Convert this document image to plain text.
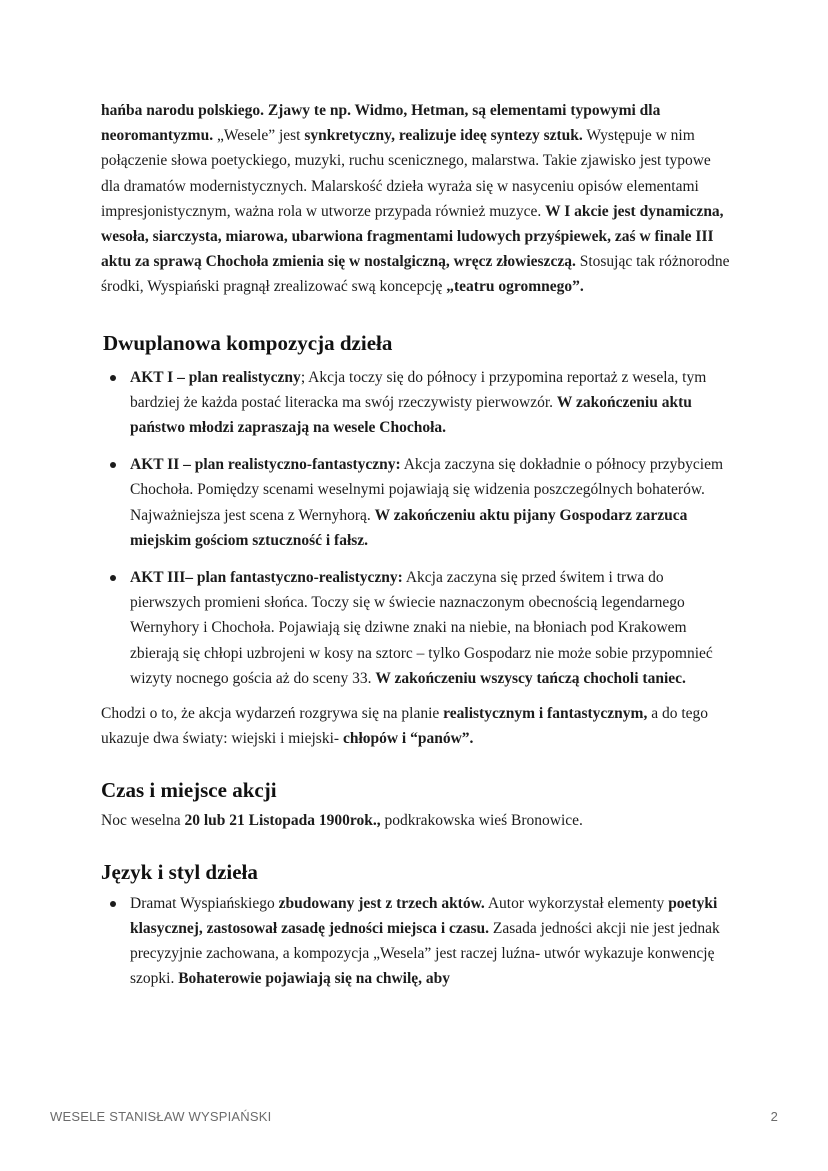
hańba narodu polskiego. Zjawy te np. Widmo, Hetman, są elementami typowymi dla neoromantyzmu. „Wesele” jest synkretyczny, realizuje ideę syntezy sztuk. Występuje w nim połączenie słowa poetyckiego, muzyki, ruchu scenicznego, malarstwa. Takie zjawisko jest typowe dla dramatów modernistycznych. Malarskość dzieła wyraża się w nasyceniu opisów elementami impresjonistycznym, ważna rola w utworze przypada również muzyce. W I akcie jest dynamiczna, wesoła, siarczysta, miarowa, ubarwiona fragmentami ludowych przyśpiewek, zaś w finale III aktu za sprawą Chochoła zmienia się w nostalgiczną, wręcz złowieszczą. Stosując tak różnorodne środki, Wyspiański pragnął zrealizować swą koncepcję „teatru ogromnego”.

Dwuplanowa kompozycja dzieła
AKT I – plan realistyczny; Akcja toczy się do północy i przypomina reportaż z wesela, tym bardziej że każda postać literacka ma swój rzeczywisty pierwowzór. W zakończeniu aktu państwo młodzi zapraszają na wesele Chochoła.
AKT II – plan realistyczno-fantastyczny: Akcja zaczyna się dokładnie o północy przybyciem Chochoła. Pomiędzy scenami weselnymi pojawiają się widzenia poszczególnych bohaterów. Najważniejsza jest scena z Wernyhorą. W zakończeniu aktu pijany Gospodarz zarzuca miejskim gościom sztuczność i fałsz.
AKT III– plan fantastyczno-realistyczny: Akcja zaczyna się przed świtem i trwa do pierwszych promieni słońca. Toczy się w świecie naznaczonym obecnością legendarnego Wernyhory i Chochoła. Pojawiają się dziwne znaki na niebie, na błoniach pod Krakowem zbierają się chłopi uzbrojeni w kosy na sztorc – tylko Gospodarz nie może sobie przypomnieć wizyty nocnego gościa aż do sceny 33. W zakończeniu wszyscy tańczą chocholi taniec.

Chodzi o to, że akcja wydarzeń rozgrywa się na planie realistycznym i fantastycznym, a do tego ukazuje dwa światy: wiejski i miejski- chłopów i “panów”.

Czas i miejsce akcji

Noc weselna 20 lub 21 Listopada 1900rok., podkrakowska wieś Bronowice.

Język i styl dzieła
Dramat Wyspiańskiego zbudowany jest z trzech aktów. Autor wykorzystał elementy poetyki klasycznej, zastosował zasadę jedności miejsca i czasu. Zasada jedności akcji nie jest jednak precyzyjnie zachowana, a kompozycja „Wesela” jest raczej luźna- utwór wykazuje konwencję szopki. Bohaterowie pojawiają się na chwilę, aby
WESELE STANISŁAW WYSPIAŃSKI	2
